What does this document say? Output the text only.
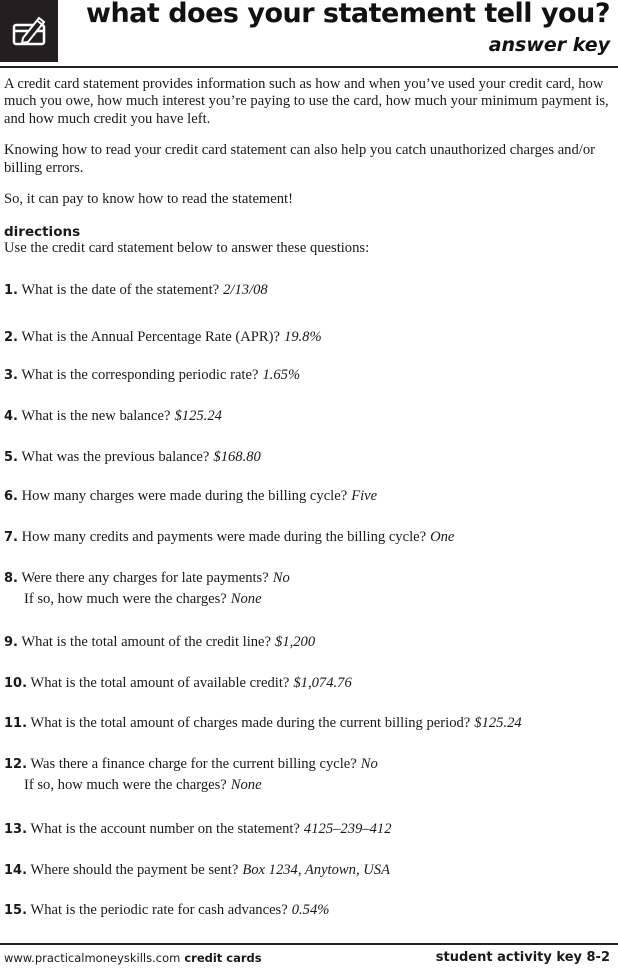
what does your statement tell you?
answer key

A credit card statement provides information such as how and when you’ve used your credit card, how much you owe, how much interest you’re paying to use the card, how much your minimum payment is, and how much credit you have left.

Knowing how to read your credit card statement can also help you catch unauthorized charges and/or billing errors.

So, it can pay to know how to read the statement!

directions

Use the credit card statement below to answer these questions:

1. What is the date of the statement? 2/13/08
2. What is the Annual Percentage Rate (APR)? 19.8%
3. What is the corresponding periodic rate? 1.65%
4. What is the new balance? $125.24
5. What was the previous balance? $168.80
6. How many charges were made during the billing cycle? Five
7. How many credits and payments were made during the billing cycle? One
8. Were there any charges for late payments? No
If so, how much were the charges? None
9. What is the total amount of the credit line? $1,200
10. What is the total amount of available credit? $1,074.76
11. What is the total amount of charges made during the current billing period? $125.24
12. Was there a finance charge for the current billing cycle? No
If so, how much were the charges? None
13. What is the account number on the statement? 4125–239–412
14. Where should the payment be sent? Box 1234, Anytown, USA
15. What is the periodic rate for cash advances? 0.54%
www.practicalmoneyskills.com credit cards	student activity key 8-2
